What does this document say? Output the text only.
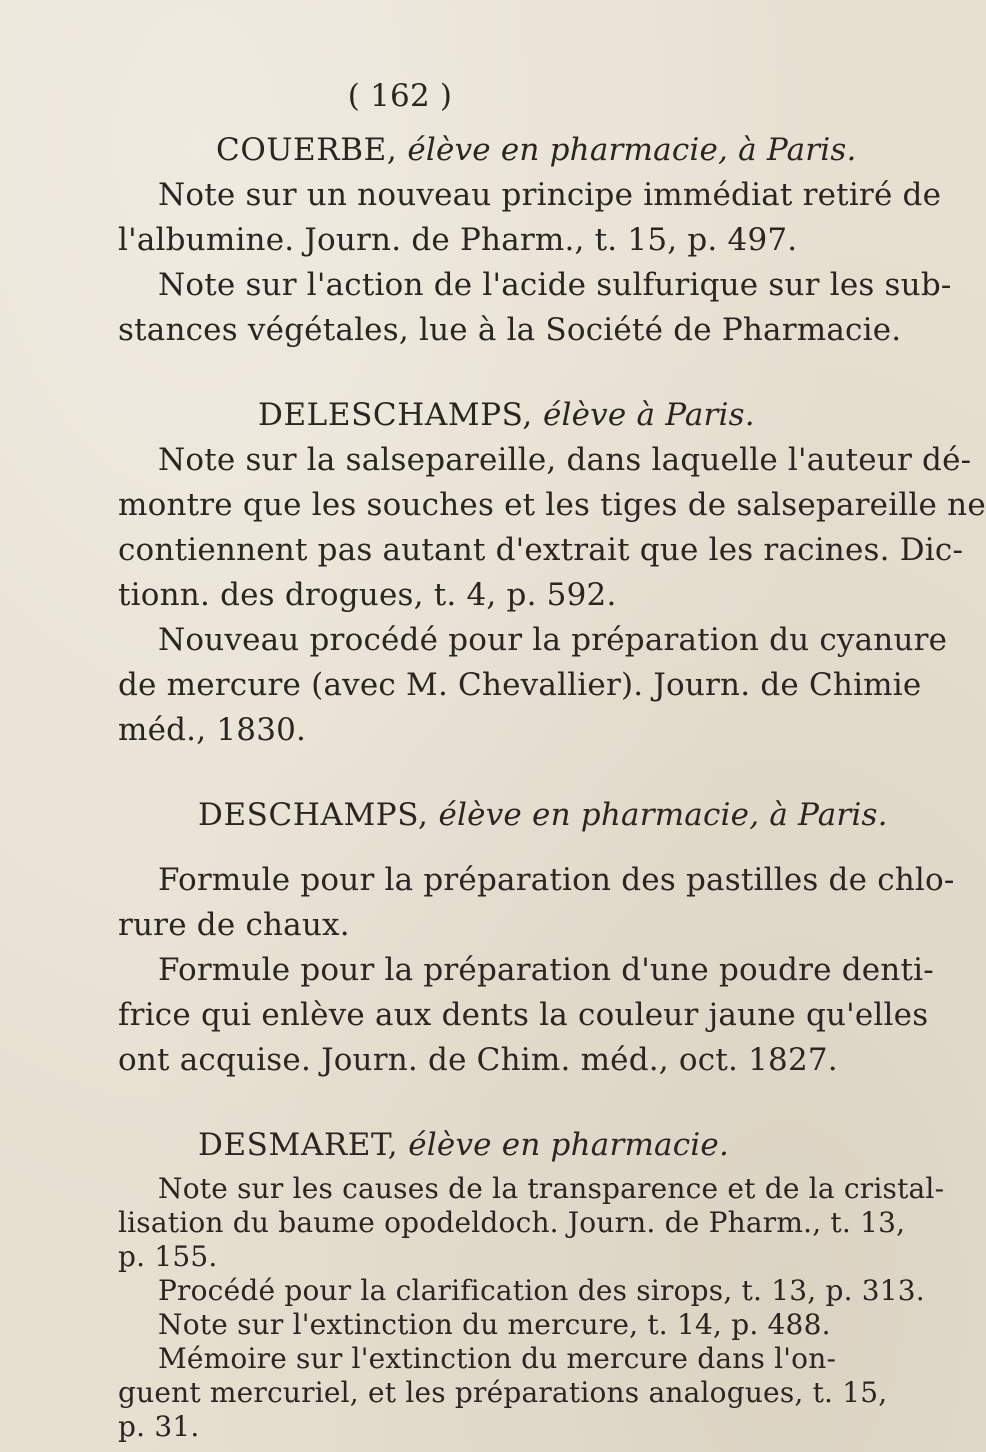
( 162 )
COUERBE, élève en pharmacie, à Paris.
Note sur un nouveau principe immédiat retiré de
l'albumine. Journ. de Pharm., t. 15, p. 497.
Note sur l'action de l'acide sulfurique sur les sub-
stances végétales, lue à la Société de Pharmacie.
DELESCHAMPS, élève à Paris.
Note sur la salsepareille, dans laquelle l'auteur dé-
montre que les souches et les tiges de salsepareille ne
contiennent pas autant d'extrait que les racines. Dic-
tionn. des drogues, t. 4, p. 592.
Nouveau procédé pour la préparation du cyanure
de mercure (avec M. Chevallier). Journ. de Chimie
méd., 1830.
DESCHAMPS, élève en pharmacie, à Paris.
Formule pour la préparation des pastilles de chlo-
rure de chaux.
Formule pour la préparation d'une poudre denti-
frice qui enlève aux dents la couleur jaune qu'elles
ont acquise. Journ. de Chim. méd., oct. 1827.
DESMARET, élève en pharmacie.
Note sur les causes de la transparence et de la cristal-
lisation du baume opodeldoch. Journ. de Pharm., t. 13,
p. 155.
Procédé pour la clarification des sirops, t. 13, p. 313.
Note sur l'extinction du mercure, t. 14, p. 488.
Mémoire sur l'extinction du mercure dans l'on-
guent mercuriel, et les préparations analogues, t. 15,
p. 31.
